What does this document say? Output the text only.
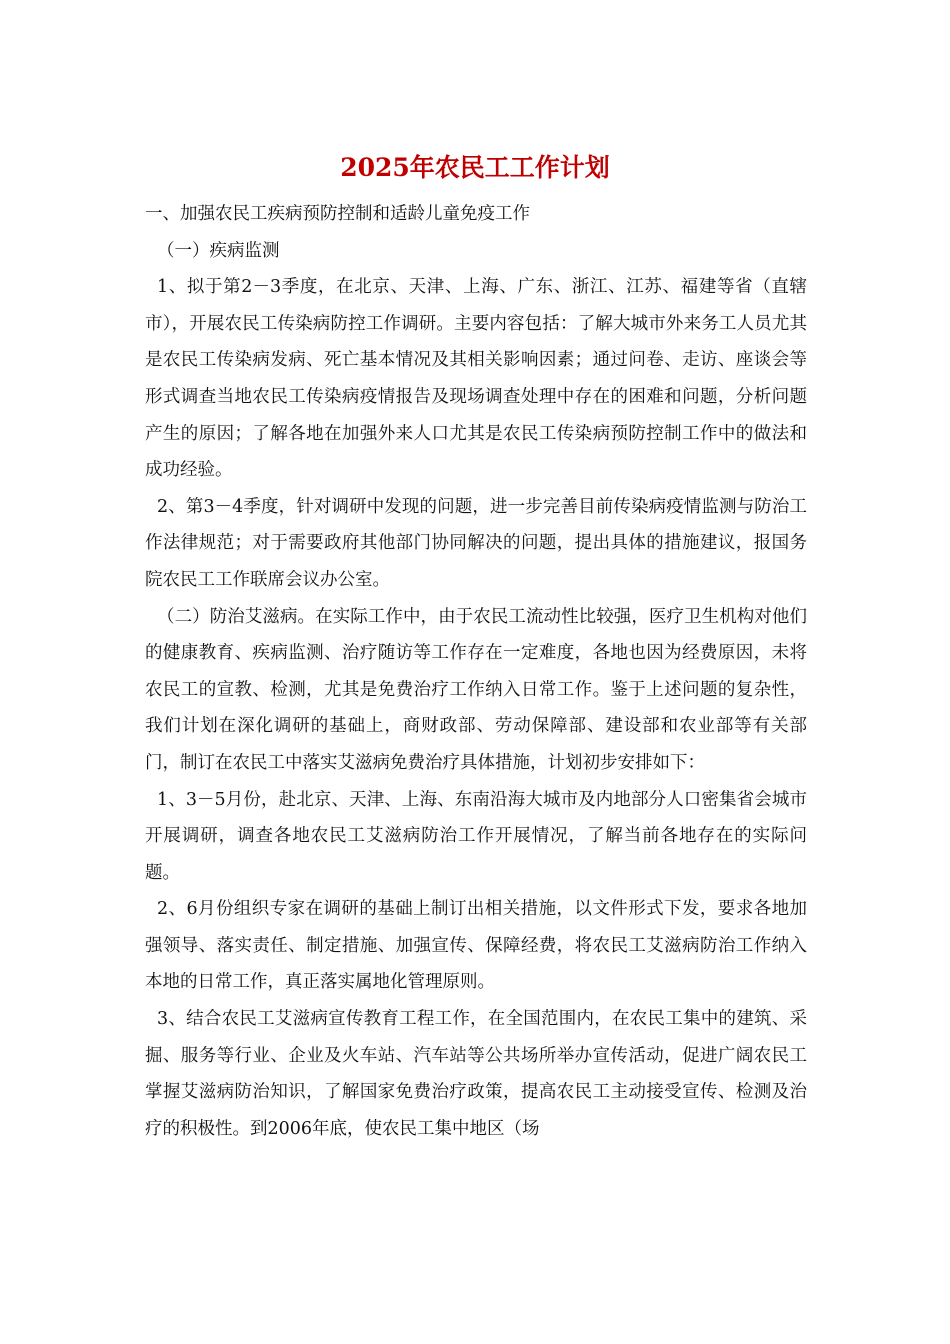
2025年农民工工作计划

一、加强农民工疾病预防控制和适龄儿童免疫工作

（一）疾病监测

1、拟于第2－3季度，在北京、天津、上海、广东、浙江、江苏、福建等省（直辖市），开展农民工传染病防控工作调研。主要内容包括：了解大城市外来务工人员尤其是农民工传染病发病、死亡基本情况及其相关影响因素；通过问卷、走访、座谈会等形式调查当地农民工传染病疫情报告及现场调查处理中存在的困难和问题，分析问题产生的原因；了解各地在加强外来人口尤其是农民工传染病预防控制工作中的做法和成功经验。

2、第3－4季度，针对调研中发现的问题，进一步完善目前传染病疫情监测与防治工作法律规范；对于需要政府其他部门协同解决的问题，提出具体的措施建议，报国务院农民工工作联席会议办公室。

（二）防治艾滋病。在实际工作中，由于农民工流动性比较强，医疗卫生机构对他们的健康教育、疾病监测、治疗随访等工作存在一定难度，各地也因为经费原因，未将农民工的宣教、检测，尤其是免费治疗工作纳入日常工作。鉴于上述问题的复杂性，我们计划在深化调研的基础上，商财政部、劳动保障部、建设部和农业部等有关部门，制订在农民工中落实艾滋病免费治疗具体措施，计划初步安排如下：

1、3－5月份，赴北京、天津、上海、东南沿海大城市及内地部分人口密集省会城市开展调研，调查各地农民工艾滋病防治工作开展情况，了解当前各地存在的实际问题。

2、6月份组织专家在调研的基础上制订出相关措施，以文件形式下发，要求各地加强领导、落实责任、制定措施、加强宣传、保障经费，将农民工艾滋病防治工作纳入本地的日常工作，真正落实属地化管理原则。

3、结合农民工艾滋病宣传教育工程工作，在全国范围内，在农民工集中的建筑、采掘、服务等行业、企业及火车站、汽车站等公共场所举办宣传活动，促进广阔农民工掌握艾滋病防治知识，了解国家免费治疗政策，提高农民工主动接受宣传、检测及治疗的积极性。到2006年底，使农民工集中地区（场
